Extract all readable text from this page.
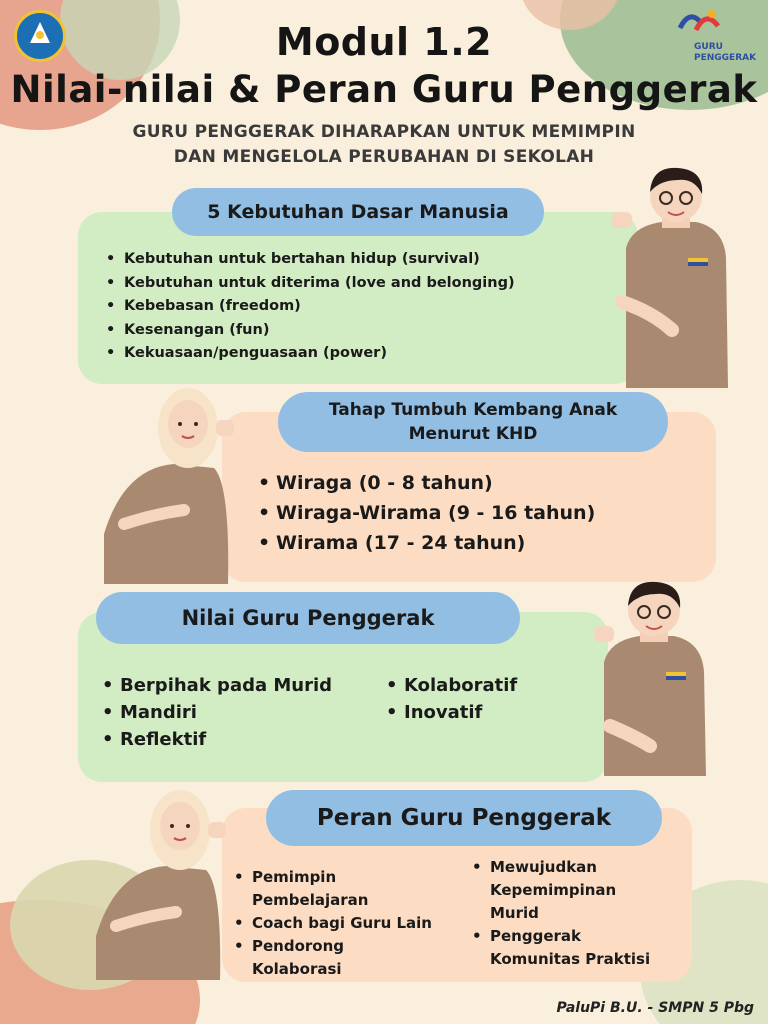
GURU
PENGGERAK
Modul 1.2
Nilai-nilai & Peran Guru Penggerak
GURU PENGGERAK DIHARAPKAN UNTUK MEMIMPIN
DAN MENGELOLA PERUBAHAN DI SEKOLAH
5 Kebutuhan Dasar Manusia
• Kebutuhan untuk bertahan hidup (survival)
• Kebutuhan untuk diterima (love and belonging)
• Kebebasan (freedom)
• Kesenangan (fun)
• Kekuasaan/penguasaan (power)
Tahap Tumbuh Kembang Anak
Menurut KHD
• Wiraga (0 - 8 tahun)
• Wiraga-Wirama (9 - 16 tahun)
• Wirama (17 - 24 tahun)
Nilai Guru Penggerak
• Berpihak pada Murid
• Mandiri
• Reflektif
• Kolaboratif
• Inovatif
Peran Guru Penggerak
• Pemimpin
Pembelajaran
• Coach bagi Guru Lain
• Pendorong
Kolaborasi
• Mewujudkan
Kepemimpinan
Murid
• Penggerak
Komunitas Praktisi
PaluPi B.U. - SMPN 5 Pbg
